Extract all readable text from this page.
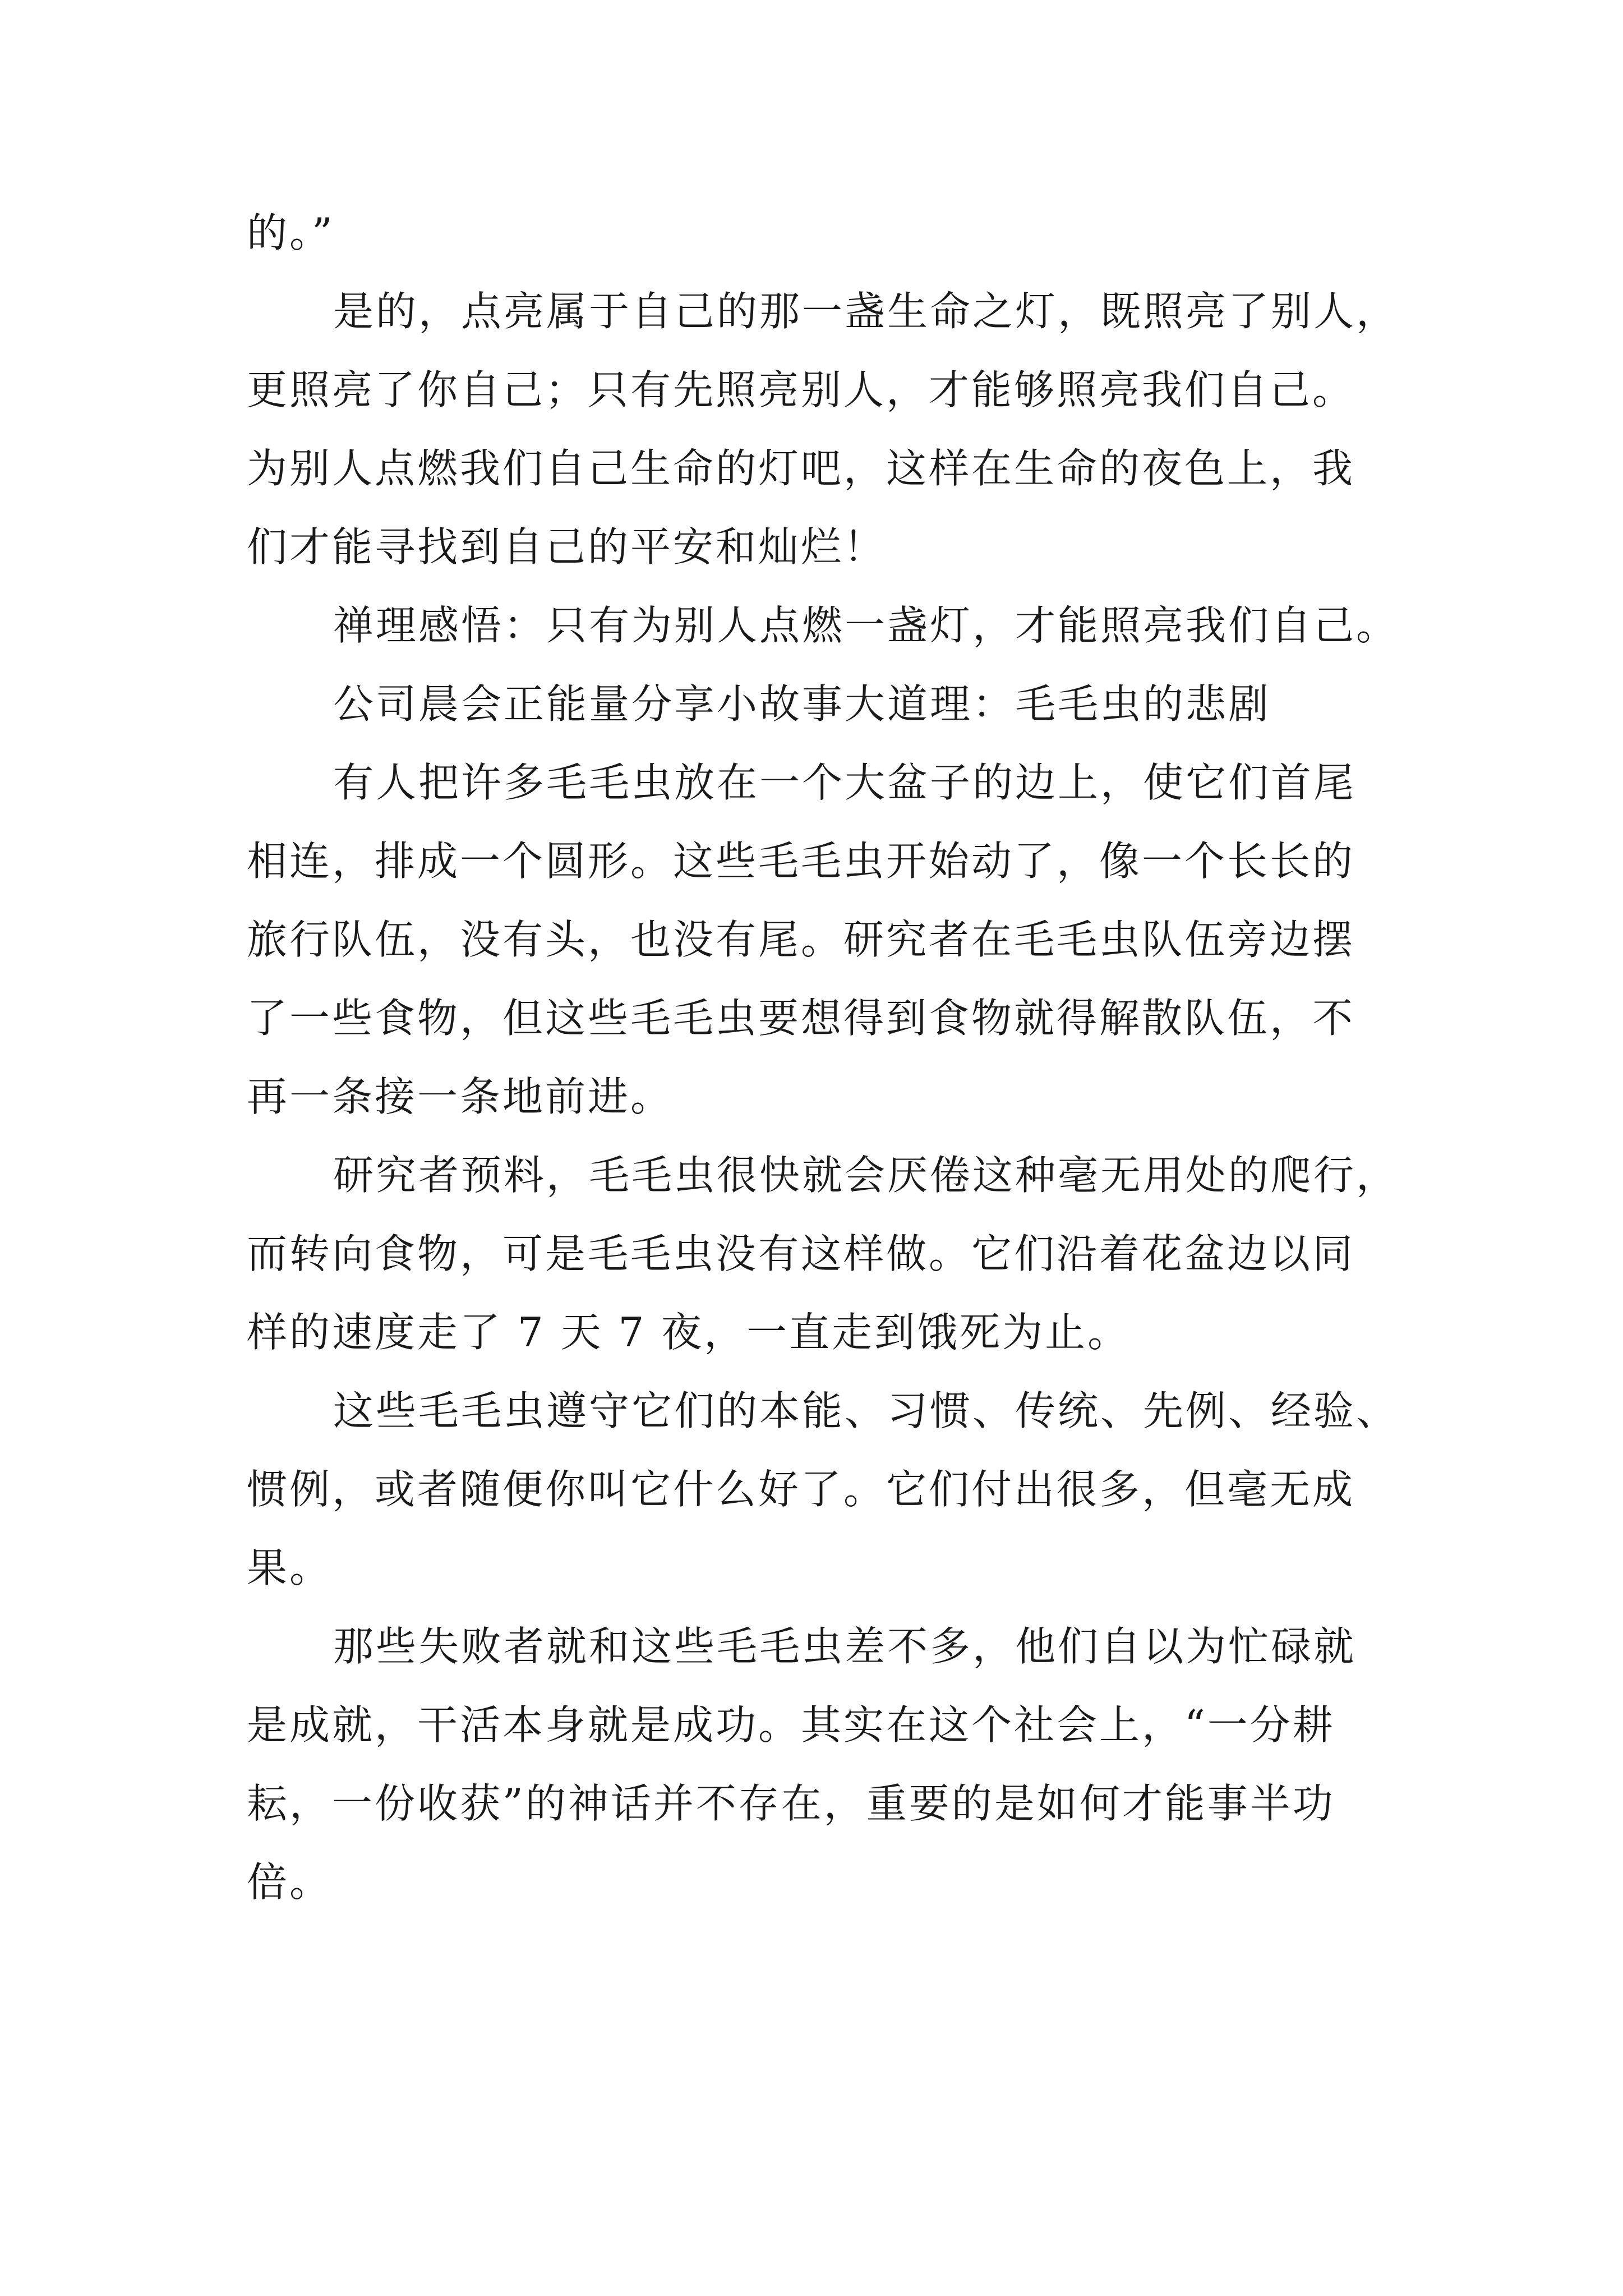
的。”

是的，点亮属于自己的那一盏生命之灯，既照亮了别人，
更照亮了你自己；只有先照亮别人，才能够照亮我们自己。
为别人点燃我们自己生命的灯吧，这样在生命的夜色上，我
们才能寻找到自己的平安和灿烂！

禅理感悟：只有为别人点燃一盏灯，才能照亮我们自己。

公司晨会正能量分享小故事大道理：毛毛虫的悲剧

有人把许多毛毛虫放在一个大盆子的边上，使它们首尾
相连，排成一个圆形。这些毛毛虫开始动了，像一个长长的
旅行队伍，没有头，也没有尾。研究者在毛毛虫队伍旁边摆
了一些食物，但这些毛毛虫要想得到食物就得解散队伍，不
再一条接一条地前进。

研究者预料，毛毛虫很快就会厌倦这种毫无用处的爬行，
而转向食物，可是毛毛虫没有这样做。它们沿着花盆边以同
样的速度走了 7 天 7 夜，一直走到饿死为止。

这些毛毛虫遵守它们的本能、习惯、传统、先例、经验、
惯例，或者随便你叫它什么好了。它们付出很多，但毫无成
果。

那些失败者就和这些毛毛虫差不多，他们自以为忙碌就
是成就，干活本身就是成功。其实在这个社会上，“一分耕
耘，一份收获”的神话并不存在，重要的是如何才能事半功
倍。
